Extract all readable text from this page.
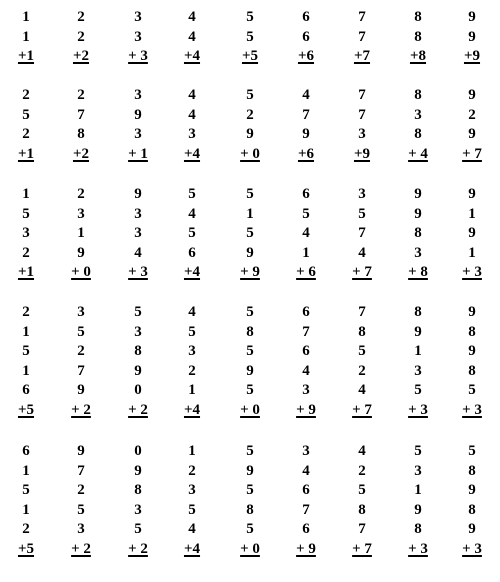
1	2	3	4	5	6	7	8	9
1	2	3	4	5	6	7	8	9
+1	+2	+ 3	+4	+5	+6	+7	+8	+9
2	2	3	4	5	4	7	8	9
5	7	9	4	2	7	7	3	2
2	8	3	3	9	9	3	8	9
+1	+2	+ 1	+4	+ 0	+6	+9	+ 4	+ 7
1	2	9	5	5	6	3	9	9
5	3	3	4	1	5	5	9	1
3	1	3	5	5	4	7	8	9
2	9	4	6	9	1	4	3	1
+1	+ 0	+ 3	+4	+ 9	+ 6	+ 7	+ 8	+ 3
2	3	5	4	5	6	7	8	9
1	5	3	5	8	7	8	9	8
5	2	8	3	5	6	5	1	9
1	7	9	2	9	4	2	3	8
6	9	0	1	5	3	4	5	5
+5	+ 2	+ 2	+4	+ 0	+ 9	+ 7	+ 3	+ 3
6	9	0	1	5	3	4	5	5
1	7	9	2	9	4	2	3	8
5	2	8	3	5	6	5	1	9
1	5	3	5	8	7	8	9	8
2	3	5	4	5	6	7	8	9
+5	+ 2	+ 2	+4	+ 0	+ 9	+ 7	+ 3	+ 3
